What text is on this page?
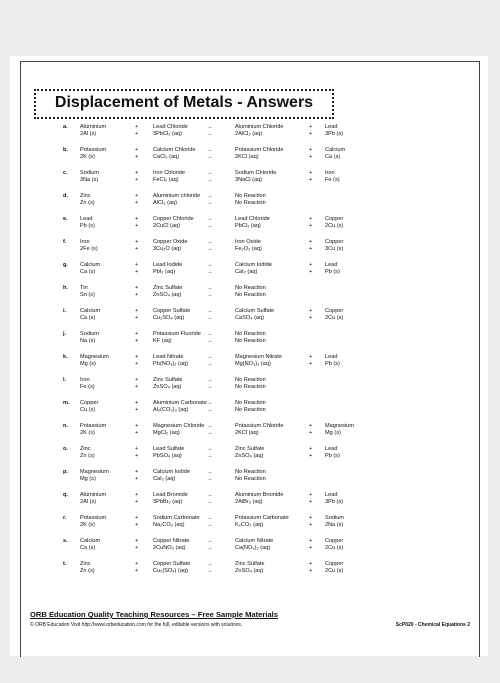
Displacement of Metals - Answers
a. Aluminium
2Al (s)
+
+
Lead Chloride
3PbCl₂ (aq)
→
→
Aluminium Chloride
2AlCl₃ (aq)
+
+
Lead
3Pb (s)
b. Potassium
2K (s)
+
+
Calcium Chloride
CaCl₂ (aq)
→
→
Potassium Chloride
2KCl (aq)
+
+
Calcium
Ca (s)
c. Sodium
3Na (s)
+
+
Iron Chloride
FeCl₃ (aq)
→
→
Sodium Chloride
3NaCl (aq)
+
+
Iron
Fe (s)
d. Zinc
Zn (s)
+
+
Aluminium chloride
AlCl₃ (aq)
→
→
No Reaction
No Reaction
e. Lead
Pb (s)
+
+
Copper Chloride
2CuCl (aq)
→
→
Lead Chloride
PbCl₂ (aq)
+
+
Copper
2Cu (s)
f. Iron
2Fe (s)
+
+
Copper Oxide
3Cu₂O (aq)
→
→
Iron Oxide
Fe₂O₃ (aq)
+
+
Copper
3Cu (s)
g. Calcium
Ca (s)
+
+
Lead Iodide
PbI₂ (aq)
→
→
Calcium Iodide
CaI₂ (aq)
+
+
Lead
Pb (s)
h. Tin
Sn (s)
+
+
Zinc Sulfate
ZnSO₄ (aq)
→
→
No Reaction
No Reaction
i. Calcium
Ca (s)
+
+
Copper Sulfate
Cu₂SO₄ (aq)
→
→
Calcium Sulfate
CaSO₄ (aq)
+
+
Copper
2Cu (s)
j. Sodium
Na (s)
+
+
Potassium Fluoride
KF (aq)
→
→
No Reaction
No Reaction
k. Magnesium
Mg (s)
+
+
Lead Nitrate
Pb(NO₃)₂ (aq)
→
→
Magnesium Nitrate
Mg(NO₃)₂ (aq)
+
+
Lead
Pb (s)
l. Iron
Fe (s)
+
+
Zinc Sulfate
ZnSO₄ (aq)
→
→
No Reaction
No Reaction
m. Copper
Cu (s)
+
+
Aluminium Carbonate
Al₂(CO₃)₃ (aq)
→
→
No Reaction
No Reaction
n. Potassium
2K (s)
+
+
Magnesium Chloride
MgCl₂ (aq)
→
→
Potassium Chloride
2KCl (aq)
+
+
Magnesium
Mg (s)
o. Zinc
Zn (s)
+
+
Lead Sulfate
PbSO₄ (aq)
→
→
Zinc Sulfate
ZnSO₄ (aq)
+
+
Lead
Pb (s)
p. Magnesium
Mg (s)
+
+
Calcium Iodide
CaI₂ (aq)
→
→
No Reaction
No Reaction
q. Aluminium
2Al (s)
+
+
Lead Bromide
3PbBr₂ (aq)
→
→
Aluminium Bromide
2AlBr₃ (aq)
+
+
Lead
3Pb (s)
r. Potassium
2K (s)
+
+
Sodium Carbonate
Na₂CO₃ (aq)
→
→
Potassium Carbonate
K₂CO₃ (aq)
+
+
Sodium
2Na (s)
s. Calcium
Ca (s)
+
+
Copper Nitrate
2CuNO₃ (aq)
→
→
Calcium Nitrate
Ca(NO₃)₂ (aq)
+
+
Copper
2Cu (s)
t. Zinc
Zn (s)
+
+
Copper Sulfate
Cu₂(SO₄) (aq)
→
→
Zinc Sulfate
ZnSO₄ (aq)
+
+
Copper
2Cu (s)
ORB Education Quality Teaching Resources – Free Sample Materials
© ORB Education Visit http://www.orbeducation.com for the full, editable versions with solutions.	ScP020 - Chemical Equations 2
